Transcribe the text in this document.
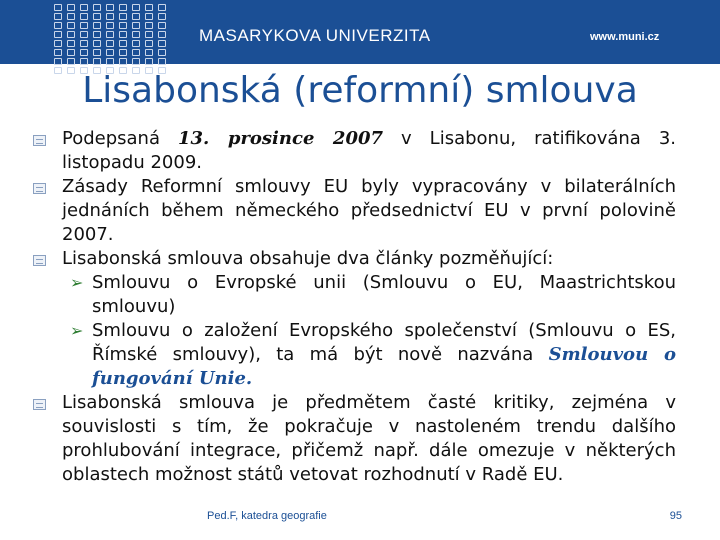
MASARYKOVA UNIVERZITA	www.muni.cz
Lisabonská (reformní) smlouva
Podepsaná 13. prosince 2007 v Lisabonu, ratifikována 3. listopadu 2009.
Zásady Reformní smlouvy EU byly vypracovány v bilaterálních jednáních během německého předsednictví EU v první polovině 2007.
Lisabonská smlouva obsahuje dva články pozměňující:
➢ Smlouvu o Evropské unii (Smlouvu o EU, Maastrichtskou smlouvu)
➢ Smlouvu o založení Evropského společenství (Smlouvu o ES, Římské smlouvy), ta má být nově nazvána Smlouvou o fungování Unie.
Lisabonská smlouva je předmětem časté kritiky, zejména v souvislosti s tím, že pokračuje v nastoleném trendu dalšího prohlubování integrace, přičemž např. dále omezuje v některých oblastech možnost států vetovat rozhodnutí v Radě EU.
Ped.F, katedra geografie	95
